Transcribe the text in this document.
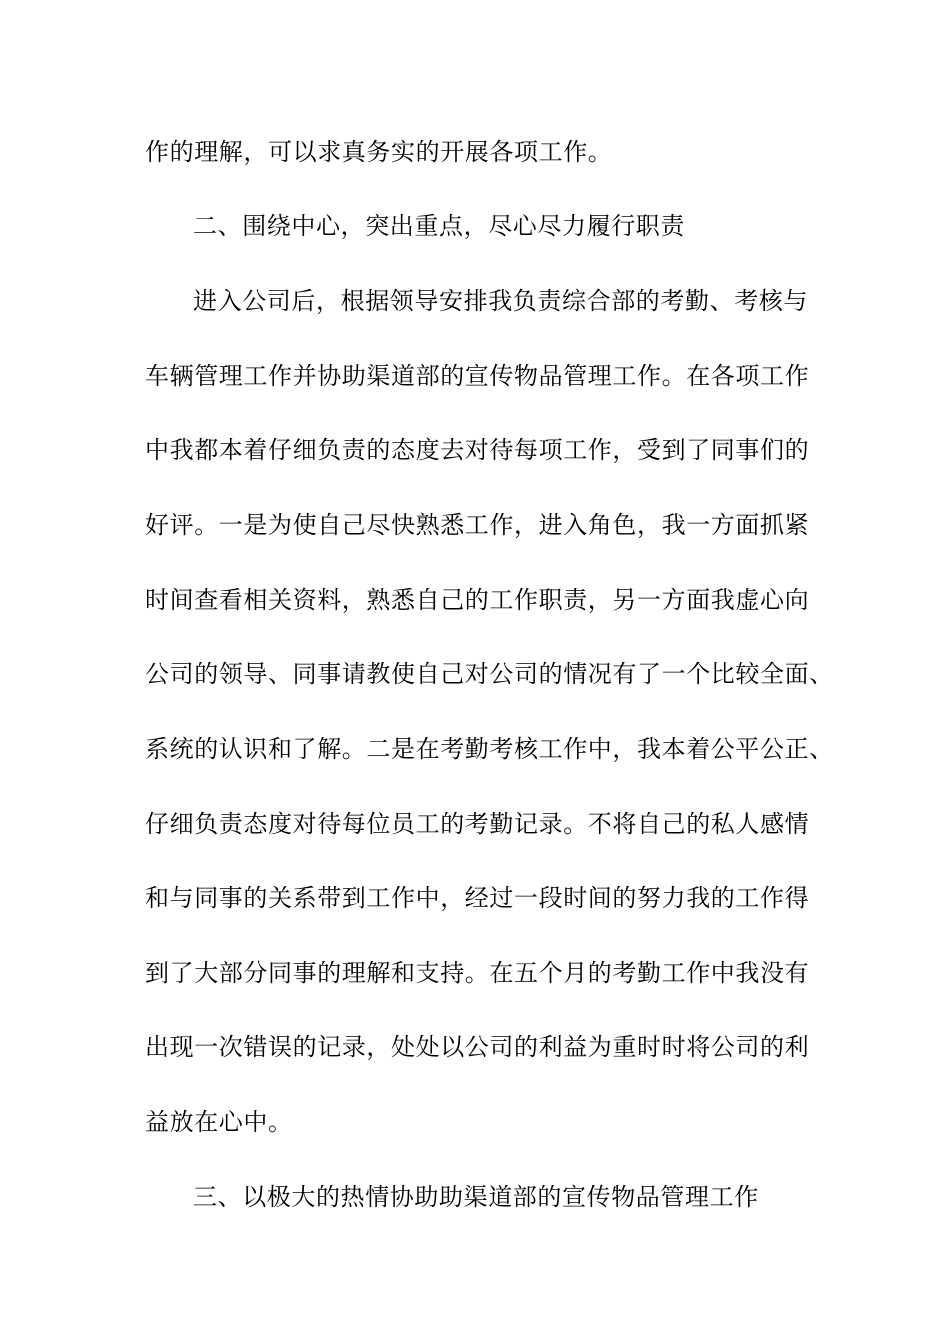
作的理解，可以求真务实的开展各项工作。
二、围绕中心，突出重点，尽心尽力履行职责
进入公司后，根据领导安排我负责综合部的考勤、考核与
车辆管理工作并协助渠道部的宣传物品管理工作。在各项工作
中我都本着仔细负责的态度去对待每项工作，受到了同事们的
好评。一是为使自己尽快熟悉工作，进入角色，我一方面抓紧
时间查看相关资料，熟悉自己的工作职责，另一方面我虚心向
公司的领导、同事请教使自己对公司的情况有了一个比较全面、
系统的认识和了解。二是在考勤考核工作中，我本着公平公正、
仔细负责态度对待每位员工的考勤记录。不将自己的私人感情
和与同事的关系带到工作中，经过一段时间的努力我的工作得
到了大部分同事的理解和支持。在五个月的考勤工作中我没有
出现一次错误的记录，处处以公司的利益为重时时将公司的利
益放在心中。
三、以极大的热情协助助渠道部的宣传物品管理工作
